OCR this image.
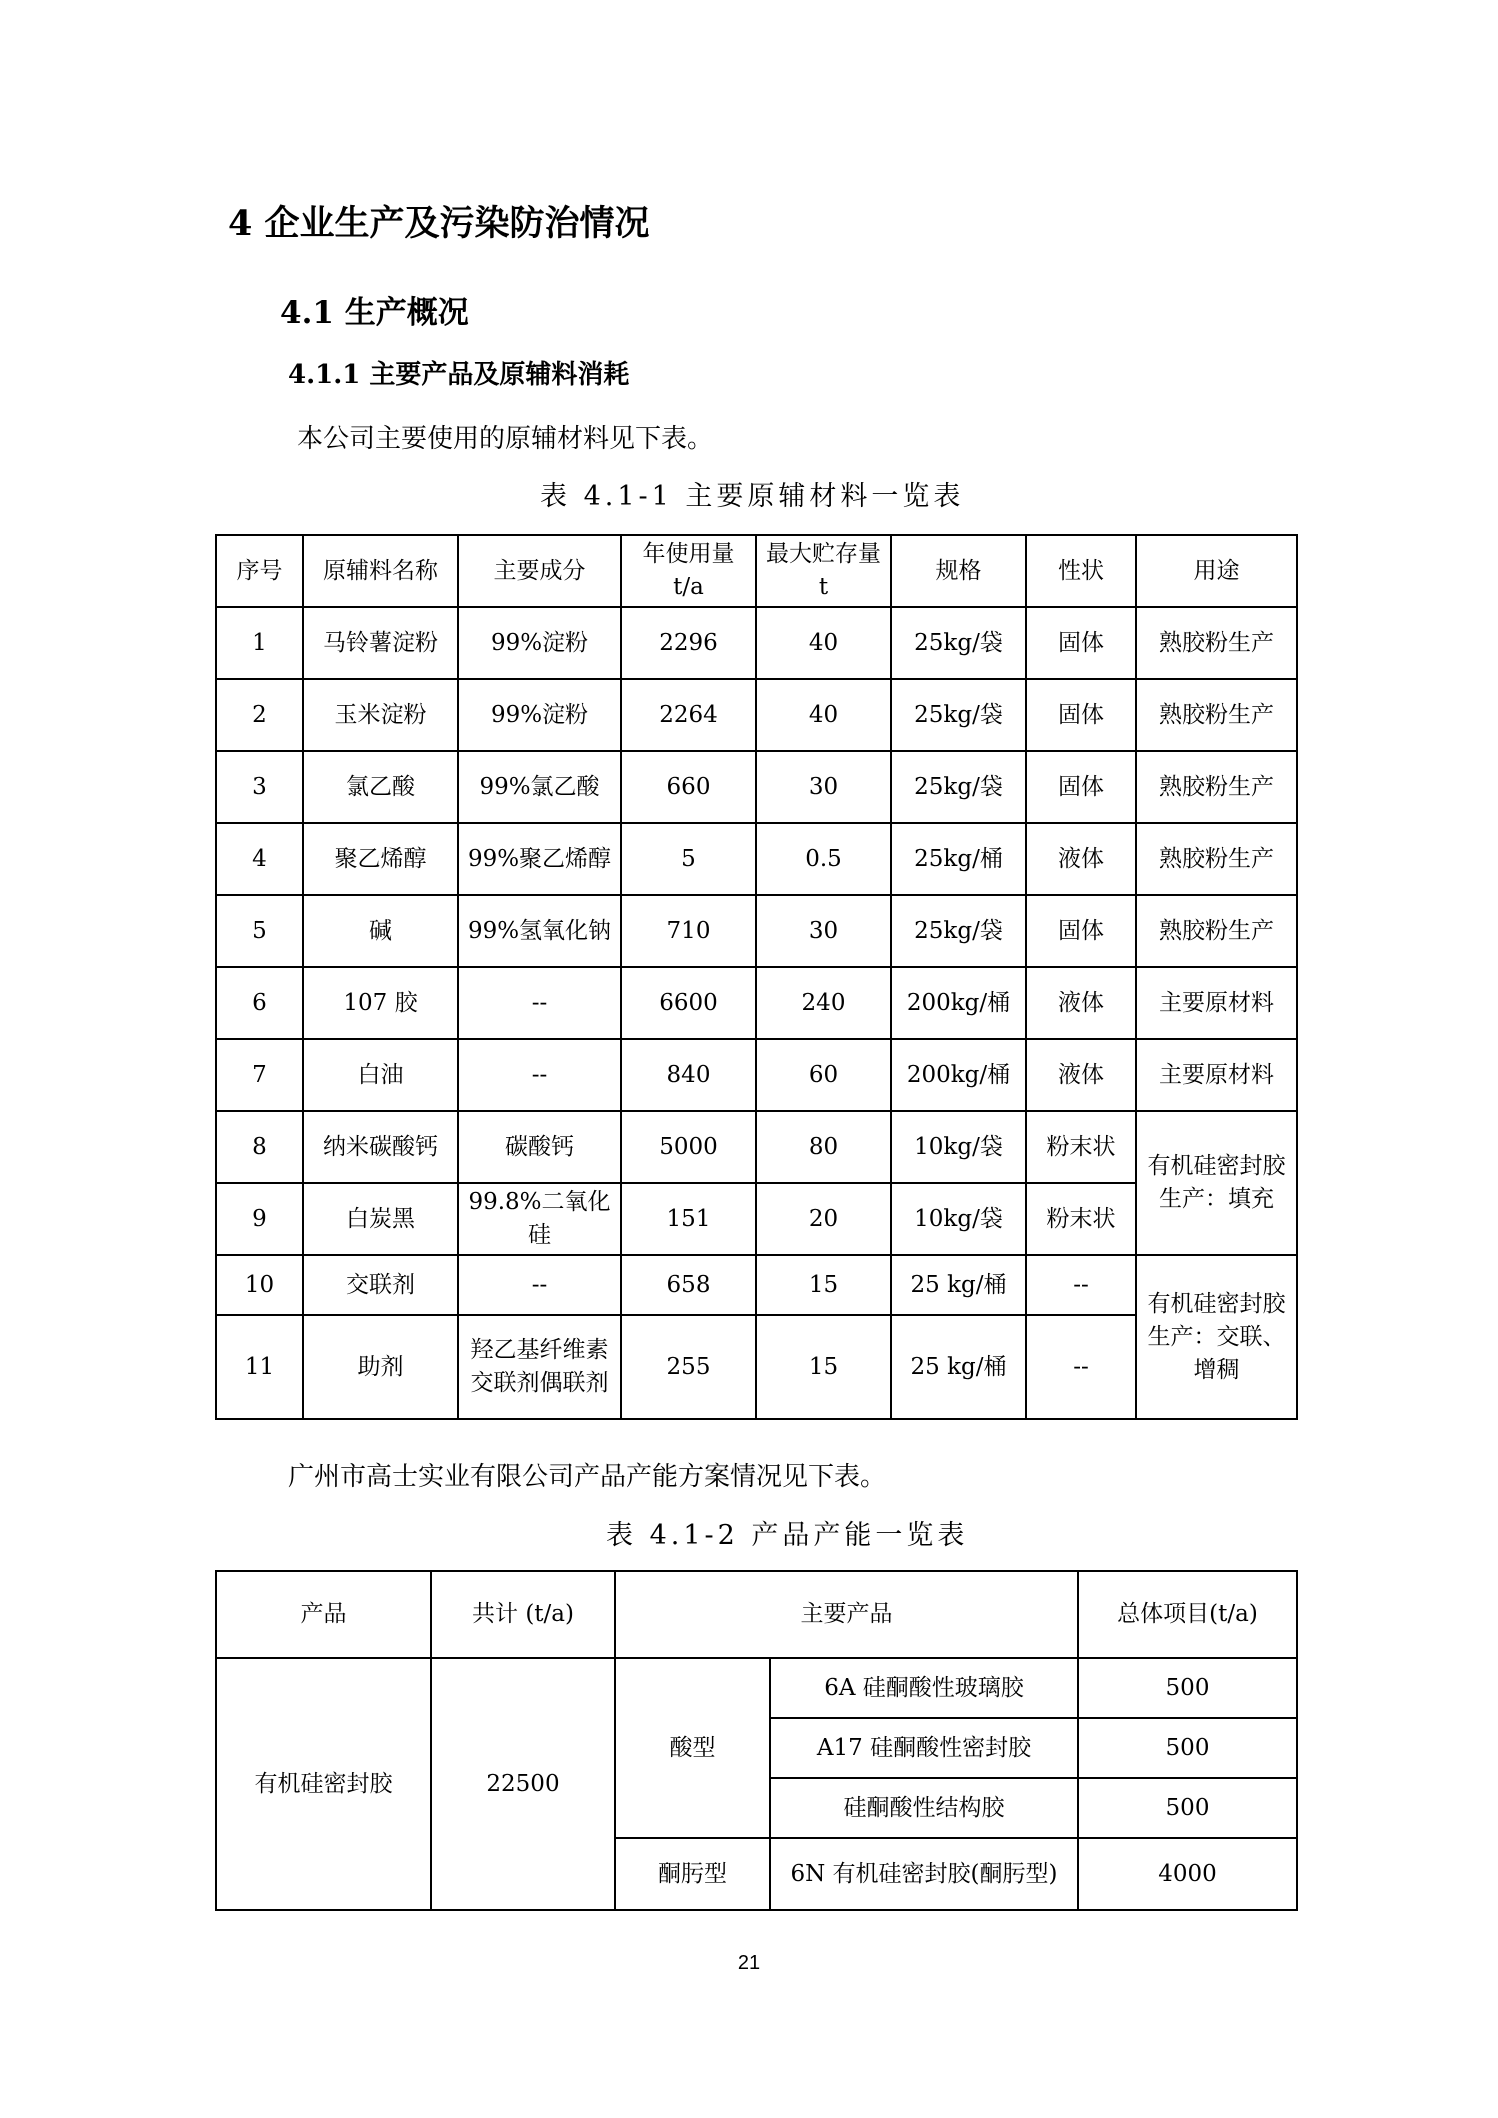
4 企业生产及污染防治情况
4.1 生产概况
4.1.1 主要产品及原辅料消耗

本公司主要使用的原辅材料见下表。

表 4.1-1 主要原辅材料一览表

序号	原辅料名称	主要成分	年使用量 t/a	最大贮存量 t	规格	性状	用途
1	马铃薯淀粉	99%淀粉	2296	40	25kg/袋	固体	熟胶粉生产
2	玉米淀粉	99%淀粉	2264	40	25kg/袋	固体	熟胶粉生产
3	氯乙酸	99%氯乙酸	660	30	25kg/袋	固体	熟胶粉生产
4	聚乙烯醇	99%聚乙烯醇	5	0.5	25kg/桶	液体	熟胶粉生产
5	碱	99%氢氧化钠	710	30	25kg/袋	固体	熟胶粉生产
6	107 胶	--	6600	240	200kg/桶	液体	主要原材料
7	白油	--	840	60	200kg/桶	液体	主要原材料
8	纳米碳酸钙	碳酸钙	5000	80	10kg/袋	粉末状	有机硅密封胶 生产：填充
9	白炭黑	99.8%二氧化硅	151	20	10kg/袋	粉末状	
10	交联剂	--	658	15	25 kg/桶	--	有机硅密封胶生产：交联、 增稠
11	助剂	羟乙基纤维素交联剂偶联剂	255	15	25 kg/桶	--	

广州市高士实业有限公司产品产能方案情况见下表。

表 4.1-2 产品产能一览表

产品	共计 (t/a)	主要产品		总体项目(t/a)
有机硅密封胶	22500	酸型	6A 硅酮酸性玻璃胶	500
			A17 硅酮酸性密封胶	500
			硅酮酸性结构胶	500
		酮肟型	6N 有机硅密封胶(酮肟型)	4000
21
